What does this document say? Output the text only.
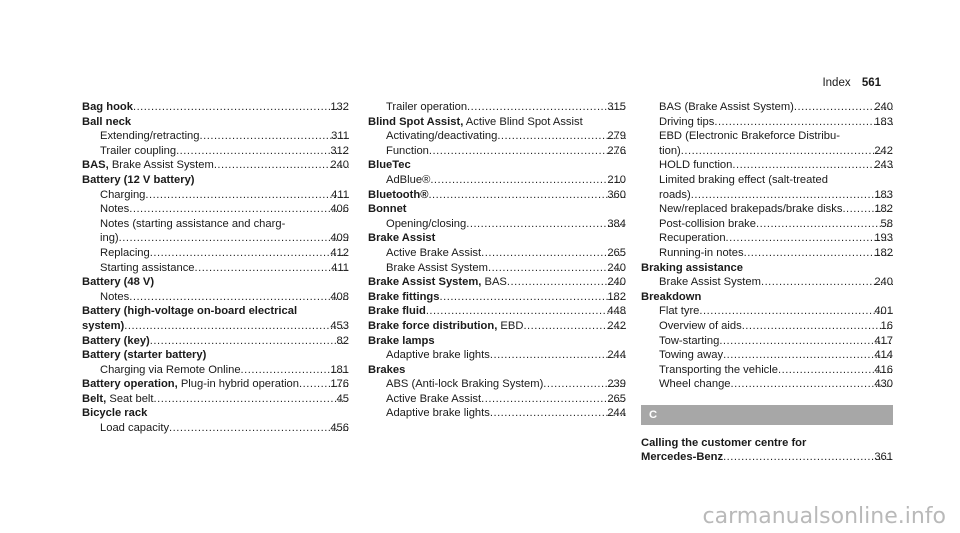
Index 561
132
Bag hook .....
Ball neck
311
Extending/retracting .....
312
Trailer coupling .....
240
BAS, Brake Assist System .....
Battery (12 V battery)
411
Charging .....
406
Notes .....
Notes (starting assistance and charg-
409
ing) .....
412
Replacing .....
411
Starting assistance .....
Battery (48 V)
408
Notes .....
Battery (high-voltage on-board electrical
453
system) .....
82
Battery (key) .....
Battery (starter battery)
181
Charging via Remote Online .....
176
Battery operation, Plug-in hybrid operation .....
45
Belt, Seat belt .....
Bicycle rack
456
Load capacity .....
315
Trailer operation .....
Blind Spot Assist, Active Blind Spot Assist
279
Activating/deactivating .....
276
Function .....
BlueTec
210
AdBlue® .....
360
Bluetooth® .....
Bonnet
384
Opening/closing .....
Brake Assist
265
Active Brake Assist .....
240
Brake Assist System .....
240
Brake Assist System, BAS .....
182
Brake fittings .....
448
Brake fluid .....
242
Brake force distribution, EBD .....
Brake lamps
244
Adaptive brake lights .....
Brakes
239
ABS (Anti-lock Braking System) .....
265
Active Brake Assist .....
244
Adaptive brake lights .....
240
BAS (Brake Assist System) .....
183
Driving tips .....
EBD (Electronic Brakeforce Distribu-
242
tion) .....
243
HOLD function .....
Limited braking effect (salt-treated
183
roads) .....
182
New/replaced brakepads/brake disks .....
58
Post-collision brake .....
193
Recuperation .....
182
Running-in notes .....
Braking assistance
240
Brake Assist System .....
Breakdown
401
Flat tyre .....
16
Overview of aids .....
417
Tow-starting .....
414
Towing away .....
416
Transporting the vehicle .....
430
Wheel change .....
C
Calling the customer centre for
361
Mercedes-Benz .....
carmanualsonline.info
